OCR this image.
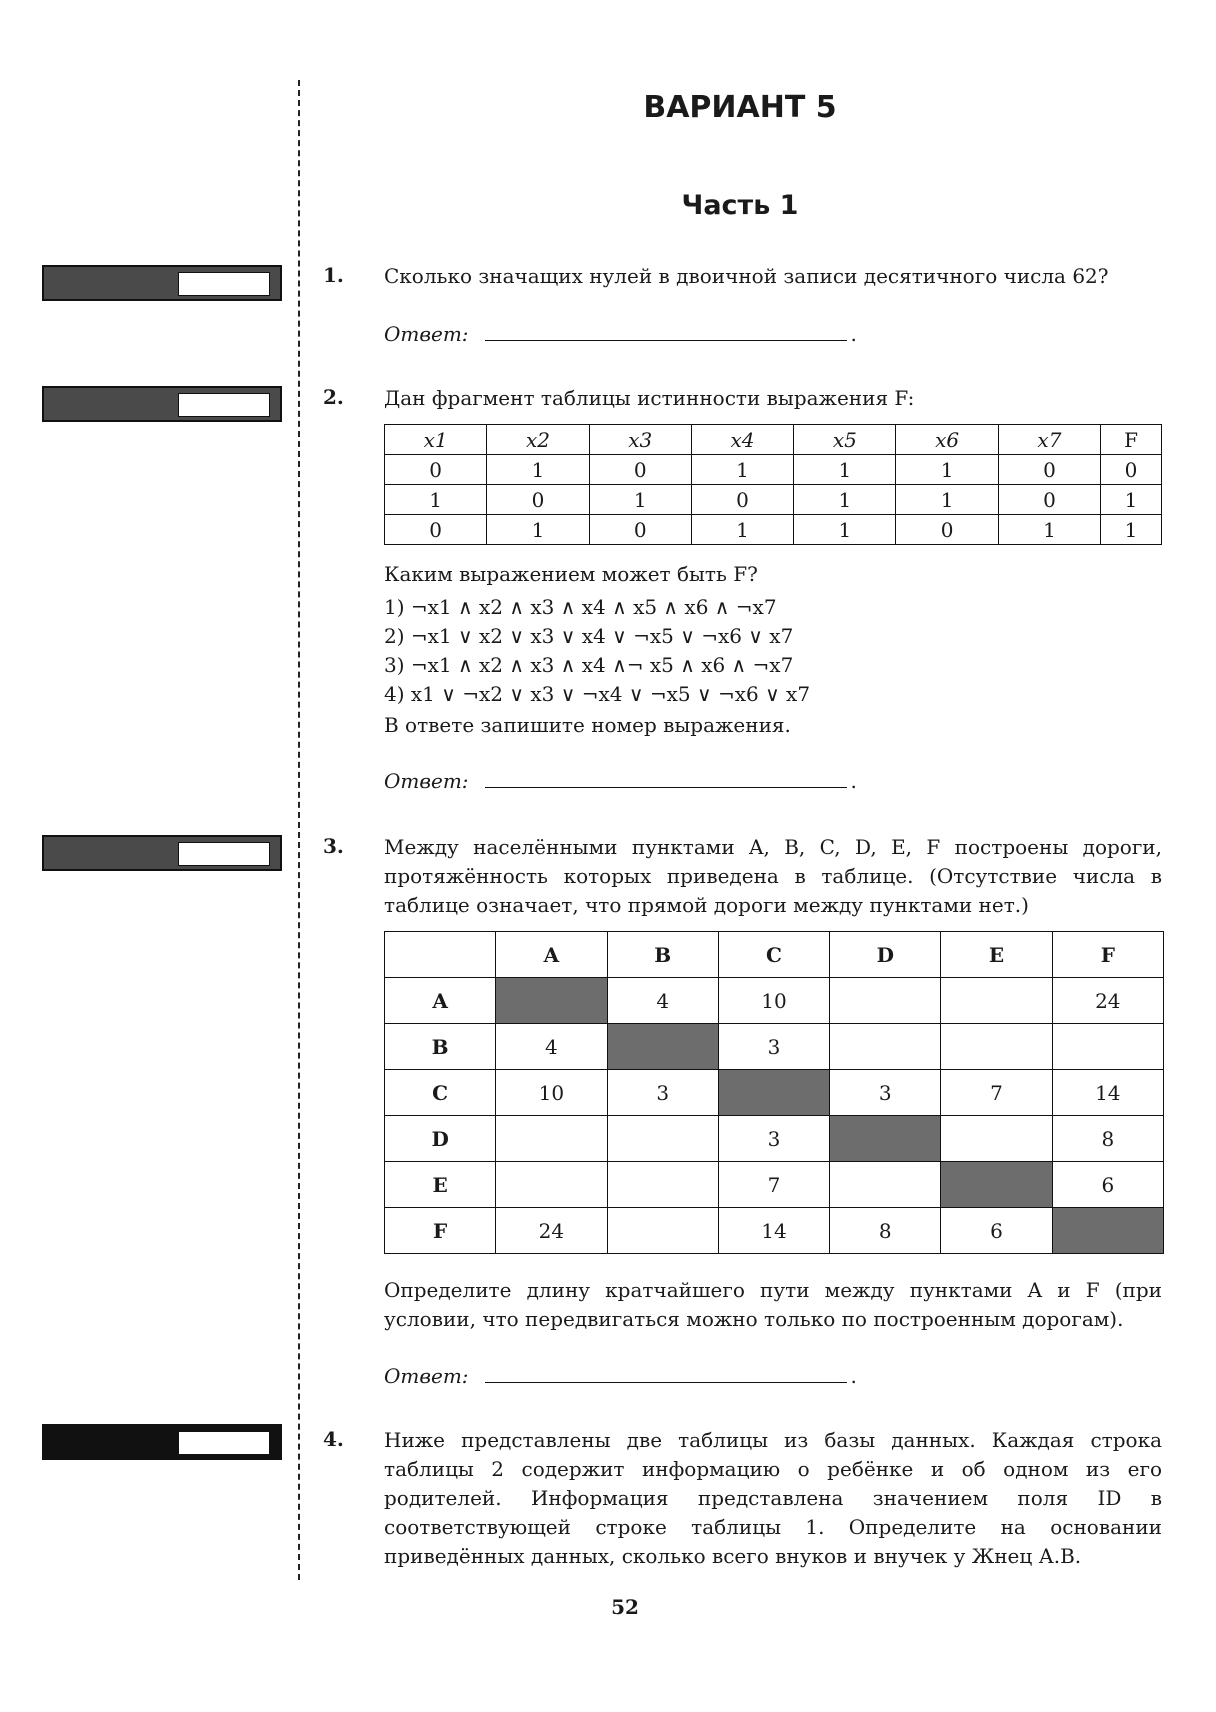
ВАРИАНТ 5
Часть 1
1. Сколько значащих нулей в двоичной записи десятичного числа 62?
Ответ:	.
2. Дан фрагмент таблицы истинности выражения F:
x1	x2	x3	x4	x5	x6	x7	F
0	1	0	1	1	1	0	0
1	0	1	0	1	1	0	1
0	1	0	1	1	0	1	1
Каким выражением может быть F?
1) ¬x1 ∧ x2 ∧ x3 ∧ x4 ∧ x5 ∧ x6 ∧ ¬x7
2) ¬x1 ∨ x2 ∨ x3 ∨ x4 ∨ ¬x5 ∨ ¬x6 ∨ x7
3) ¬x1 ∧ x2 ∧ x3 ∧ x4 ∧¬ x5 ∧ x6 ∧ ¬x7
4) x1 ∨ ¬x2 ∨ x3 ∨ ¬x4 ∨ ¬x5 ∨ ¬x6 ∨ x7
В ответе запишите номер выражения.
Ответ:	.
3. Между населёнными пунктами A, B, C, D, E, F построены дороги, протяжённость которых приведена в таблице. (Отсутствие числа в таблице означает, что прямой дороги между пунктами нет.)
	A	B	C	D	E	F
A		4	10			24
B	4		3			
C	10	3		3	7	14
D			3			8
E			7			6
F	24		14	8	6	
Определите длину кратчайшего пути между пунктами A и F (при условии, что передвигаться можно только по построенным дорогам).
Ответ:	.
4. Ниже представлены две таблицы из базы данных. Каждая строка таблицы 2 содержит информацию о ребёнке и об одном из его родителей. Информация представлена значением поля ID в соответствующей строке таблицы 1. Определите на основании приведённых данных, сколько всего внуков и внучек у Жнец А.В.
52
